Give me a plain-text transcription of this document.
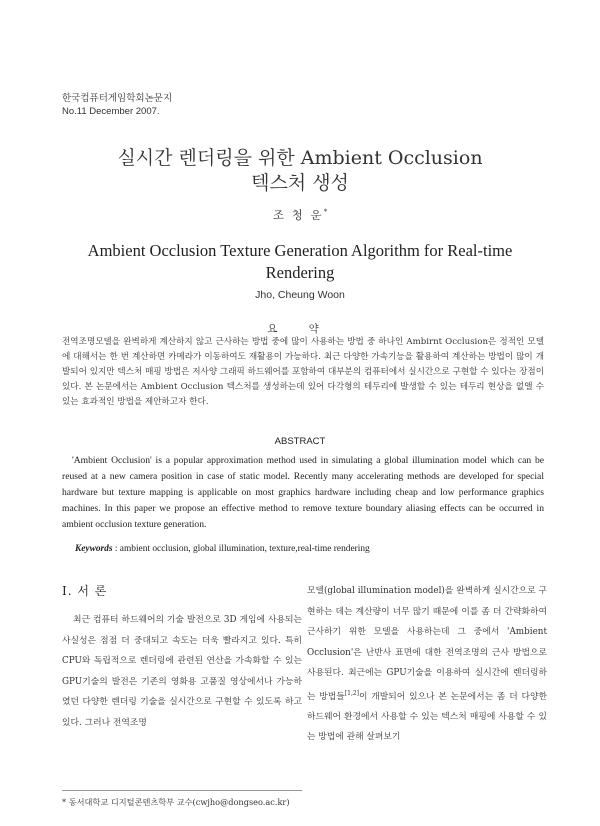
한국컴퓨터게임학회논문지
No.11 December 2007.
실시간 렌더링을 위한 Ambient Occlusion
텍스처 생성
조 청 운*
Ambient Occlusion Texture Generation Algorithm for Real-time
Rendering
Jho, Cheung Woon
요 약
전역조명모델을 완벽하게 계산하지 않고 근사하는 방법 중에 많이 사용하는 방법 중 하나인 Ambirnt Occlusion은 정적인 모델에 대해서는 한 번 계산하면 카메라가 이동하여도 재활용이 가능하다. 최근 다양한 가속기능을 활용하여 계산하는 방법이 많이 개발되어 있지만 텍스처 매핑 방법은 저사양 그래픽 하드웨어를 포함하여 대부분의 컴퓨터에서 실시간으로 구현할 수 있다는 장점이 있다. 본 논문에서는 Ambient Occlusion 텍스처를 생성하는데 있어 다각형의 테두리에 발생할 수 있는 테두리 현상을 없앨 수 있는 효과적인 방법을 제안하고자 한다.
ABSTRACT
'Ambient Occlusion' is a popular approximation method used in simulating a global illumination model which can be reused at a new camera position in case of static model. Recently many accelerating methods are developed for special hardware but texture mapping is applicable on most graphics hardware including cheap and low performance graphics machines. In this paper we propose an effective method to remove texture boundary aliasing effects can be occurred in ambient occlusion texture generation.
Keywords : ambient occlusion, global illumination, texture,real-time rendering
Ⅰ. 서 론
최근 컴퓨터 하드웨어의 기술 발전으로 3D 게임에 사용되는 사실성은 점점 더 중대되고 속도는 더욱 빨라지고 있다. 특히 CPU와 독립적으로 렌더링에 관련된 연산을 가속화할 수 있는 GPU기술의 발전은 기존의 영화용 고품질 영상에서나 가능하였던 다양한 렌더링 기술을 실시간으로 구현할 수 있도록 하고 있다. 그러나 전역조명
모델(global illumination model)을 완벽하게 실시간으로 구현하는 데는 계산량이 너무 많기 때문에 이를 좀 더 간략화하여 근사하기 위한 모델을 사용하는데 그 중에서 'Ambient Occlusion'은 난반사 표면에 대한 전역조명의 근사 방법으로 사용된다. 최근에는 GPU기술을 이용하여 실시간에 렌더링하는 방법들[1,2]이 개발되어 있으나 본 논문에서는 좀 더 다양한 하드웨어 환경에서 사용할 수 있는 텍스처 매핑에 사용할 수 있는 방법에 관해 살펴보기
* 동서대학교 디지털콘텐츠학부 교수(cwjho@dongseo.ac.kr)
